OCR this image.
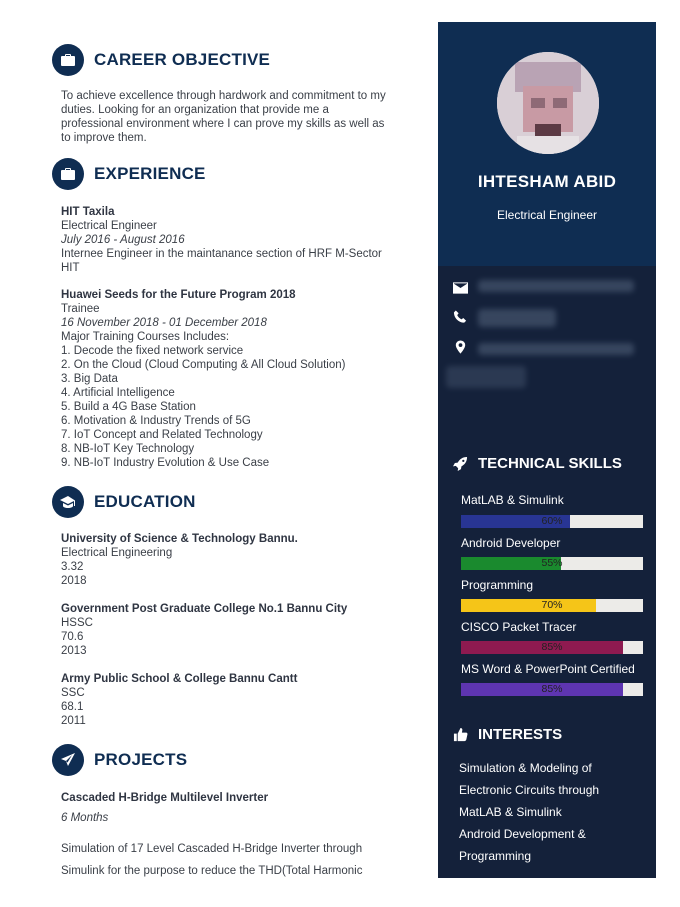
CAREER OBJECTIVE
To achieve excellence through hardwork and commitment to my
duties. Looking for an organization that provide me a
professional environment where I can prove my skills as well as
to improve them.
EXPERIENCE
HIT Taxila
Electrical Engineer
July 2016 - August 2016
Internee Engineer in the maintanance section of HRF M-Sector
HIT
Huawei Seeds for the Future Program 2018
Trainee
16 November 2018 - 01 December 2018
Major Training Courses Includes:
1. Decode the fixed network service
2. On the Cloud (Cloud Computing & All Cloud Solution)
3. Big Data
4. Artificial Intelligence
5. Build a 4G Base Station
6. Motivation & Industry Trends of 5G
7. IoT Concept and Related Technology
8. NB-IoT Key Technology
9. NB-IoT Industry Evolution & Use Case
EDUCATION
University of Science & Technology Bannu.
Electrical Engineering
3.32
2018
Government Post Graduate College No.1 Bannu City
HSSC
70.6
2013
Army Public School & College Bannu Cantt
SSC
68.1
2011
PROJECTS
Cascaded H-Bridge Multilevel Inverter
6 Months
Simulation of 17 Level Cascaded H-Bridge Inverter through
Simulink for the purpose to reduce the THD(Total Harmonic
IHTESHAM ABID
Electrical Engineer
TECHNICAL SKILLS
MatLAB & Simulink
60%
Android Developer
55%
Programming
70%
CISCO Packet Tracer
85%
MS Word & PowerPoint Certified
85%
INTERESTS
Simulation & Modeling of
Electronic Circuits through
MatLAB & Simulink
Android Development &
Programming
